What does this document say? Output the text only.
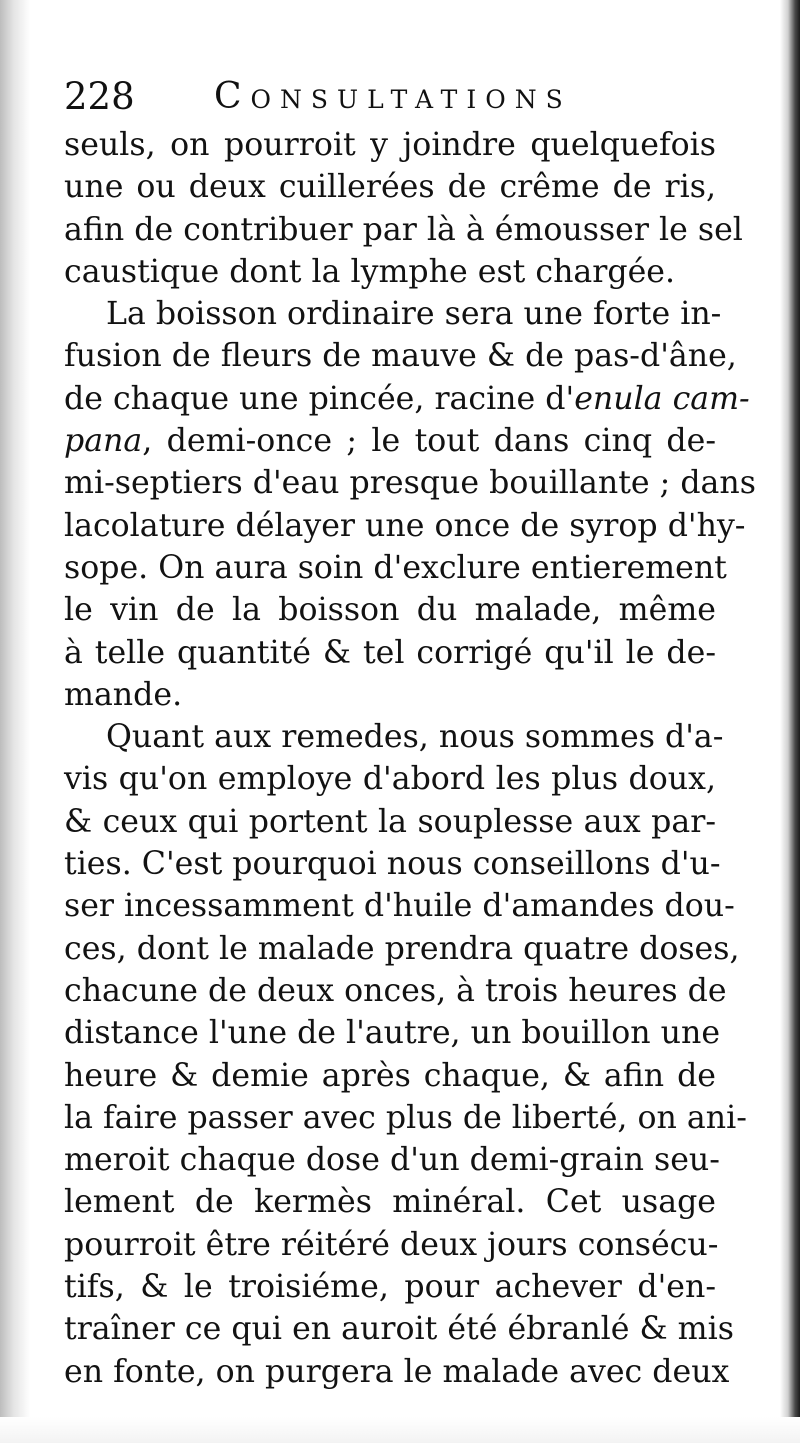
228 Consultations
seuls, on pourroit y joindre quelquefois
une ou deux cuillerées de crême de ris,
afin de contribuer par là à émousser le sel
caustique dont la lymphe est chargée.
La boisson ordinaire sera une forte in-
fusion de fleurs de mauve & de pas-d'âne,
de chaque une pincée, racine d'enula cam-
pana, demi-once ; le tout dans cinq de-
mi-septiers d'eau presque bouillante ; dans
lacolature délayer une once de syrop d'hy-
sope. On aura soin d'exclure entierement
le vin de la boisson du malade, même
à telle quantité & tel corrigé qu'il le de-
mande.
Quant aux remedes, nous sommes d'a-
vis qu'on employe d'abord les plus doux,
& ceux qui portent la souplesse aux par-
ties. C'est pourquoi nous conseillons d'u-
ser incessamment d'huile d'amandes dou-
ces, dont le malade prendra quatre doses,
chacune de deux onces, à trois heures de
distance l'une de l'autre, un bouillon une
heure & demie après chaque, & afin de
la faire passer avec plus de liberté, on ani-
meroit chaque dose d'un demi-grain seu-
lement de kermès minéral. Cet usage
pourroit être réitéré deux jours consécu-
tifs, & le troisiéme, pour achever d'en-
traîner ce qui en auroit été ébranlé & mis
en fonte, on purgera le malade avec deux
